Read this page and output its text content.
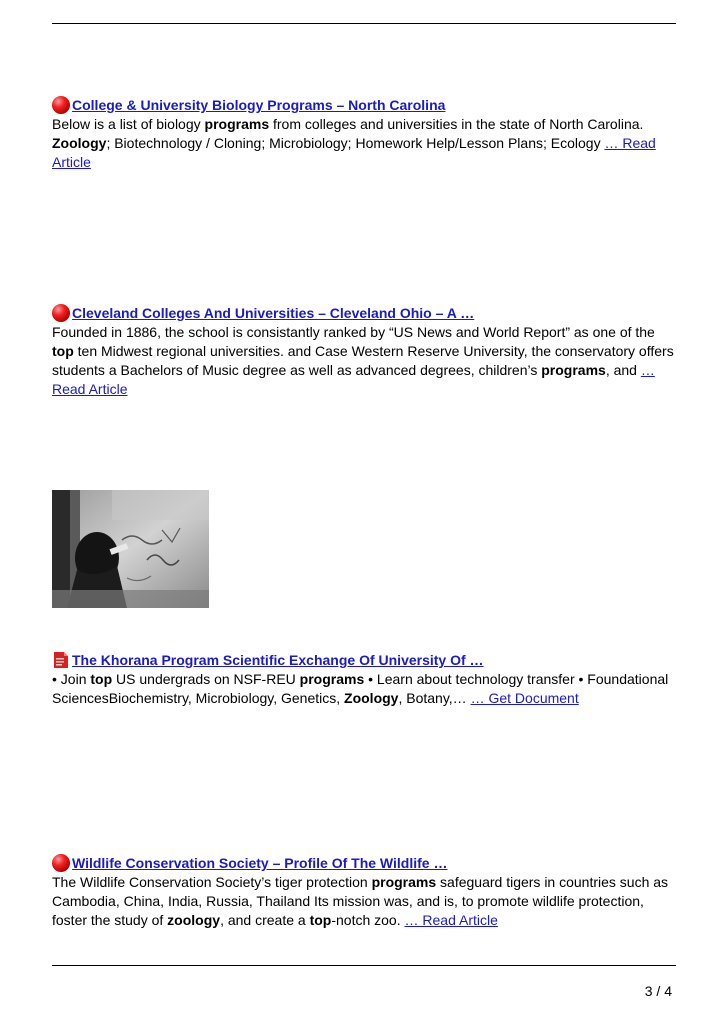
College & University Biology Programs – North Carolina

Below is a list of biology programs from colleges and universities in the state of North Carolina. Zoology; Biotechnology / Cloning; Microbiology; Homework Help/Lesson Plans; Ecology … Read Article

Cleveland Colleges And Universities – Cleveland Ohio – A …

Founded in 1886, the school is consistantly ranked by “US News and World Report” as one of the top ten Midwest regional universities. and Case Western Reserve University, the conservatory offers students a Bachelors of Music degree as well as advanced degrees, children’s programs, and … Read Article

The Khorana Program Scientific Exchange Of University Of …

• Join top US undergrads on NSF-REU programs • Learn about technology transfer • Foundational SciencesBiochemistry, Microbiology, Genetics, Zoology, Botany,… … Get Document

Wildlife Conservation Society – Profile Of The Wildlife …

The Wildlife Conservation Society’s tiger protection programs safeguard tigers in countries such as Cambodia, China, India, Russia, Thailand Its mission was, and is, to promote wildlife protection, foster the study of zoology, and create a top-notch zoo. … Read Article

3 / 4
